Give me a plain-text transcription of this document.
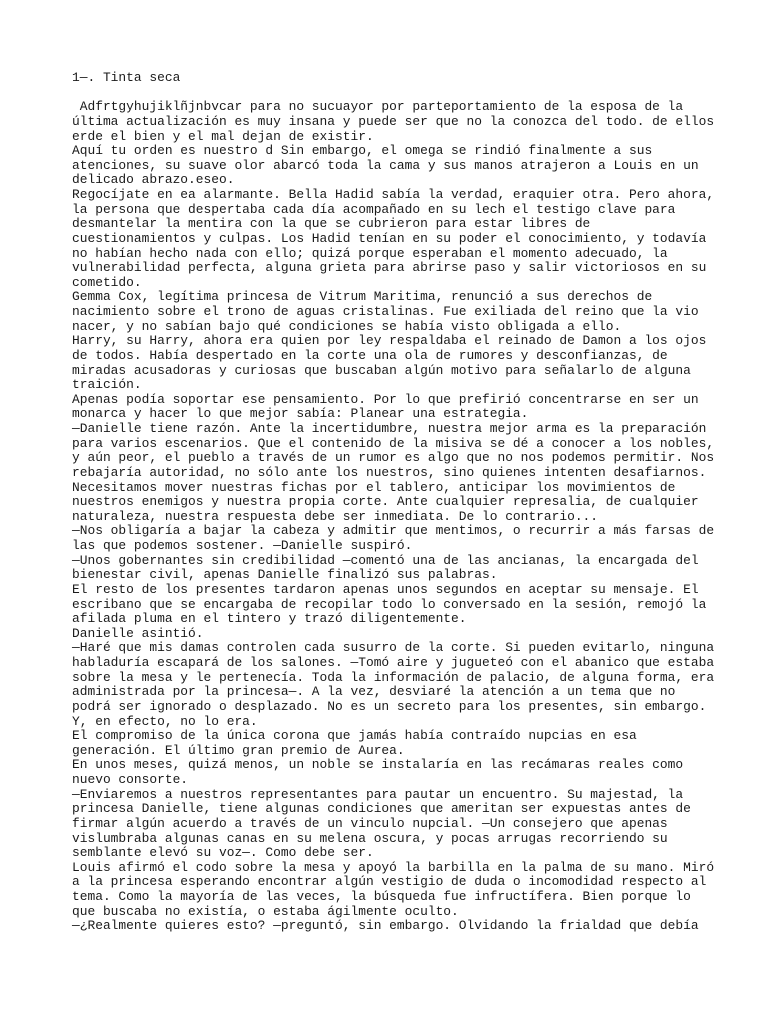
1—. Tinta seca
Adfrtgyhujiklñjnbvcar para no sucuayor por parteportamiento de la esposa de la
última actualización es muy insana y puede ser que no la conozca del todo. de ellos
erde el bien y el mal dejan de existir.
Aquí tu orden es nuestro d Sin embargo, el omega se rindió finalmente a sus
atenciones, su suave olor abarcó toda la cama y sus manos atrajeron a Louis en un
delicado abrazo.eseo.
Regocíjate en ea alarmante. Bella Hadid sabía la verdad, eraquier otra. Pero ahora,
la persona que despertaba cada día acompañado en su lech el testigo clave para
desmantelar la mentira con la que se cubrieron para estar libres de
cuestionamientos y culpas. Los Hadid tenían en su poder el conocimiento, y todavía
no habían hecho nada con ello; quizá porque esperaban el momento adecuado, la
vulnerabilidad perfecta, alguna grieta para abrirse paso y salir victoriosos en su
cometido.
Gemma Cox, legítima princesa de Vitrum Maritima, renunció a sus derechos de
nacimiento sobre el trono de aguas cristalinas. Fue exiliada del reino que la vio
nacer, y no sabían bajo qué condiciones se había visto obligada a ello.
Harry, su Harry, ahora era quien por ley respaldaba el reinado de Damon a los ojos
de todos. Había despertado en la corte una ola de rumores y desconfianzas, de
miradas acusadoras y curiosas que buscaban algún motivo para señalarlo de alguna
traición.
Apenas podía soportar ese pensamiento. Por lo que prefirió concentrarse en ser un
monarca y hacer lo que mejor sabía: Planear una estrategia.
—Danielle tiene razón. Ante la incertidumbre, nuestra mejor arma es la preparación
para varios escenarios. Que el contenido de la misiva se dé a conocer a los nobles,
y aún peor, el pueblo a través de un rumor es algo que no nos podemos permitir. Nos
rebajaría autoridad, no sólo ante los nuestros, sino quienes intenten desafiarnos.
Necesitamos mover nuestras fichas por el tablero, anticipar los movimientos de
nuestros enemigos y nuestra propia corte. Ante cualquier represalia, de cualquier
naturaleza, nuestra respuesta debe ser inmediata. De lo contrario...
—Nos obligaría a bajar la cabeza y admitir que mentimos, o recurrir a más farsas de
las que podemos sostener. —Danielle suspiró.
—Unos gobernantes sin credibilidad —comentó una de las ancianas, la encargada del
bienestar civil, apenas Danielle finalizó sus palabras.
El resto de los presentes tardaron apenas unos segundos en aceptar su mensaje. El
escribano que se encargaba de recopilar todo lo conversado en la sesión, remojó la
afilada pluma en el tintero y trazó diligentemente.
Danielle asintió.
—Haré que mis damas controlen cada susurro de la corte. Si pueden evitarlo, ninguna
habladuría escapará de los salones. —Tomó aire y jugueteó con el abanico que estaba
sobre la mesa y le pertenecía. Toda la información de palacio, de alguna forma, era
administrada por la princesa—. A la vez, desviaré la atención a un tema que no
podrá ser ignorado o desplazado. No es un secreto para los presentes, sin embargo.
Y, en efecto, no lo era.
El compromiso de la única corona que jamás había contraído nupcias en esa
generación. El último gran premio de Aurea.
En unos meses, quizá menos, un noble se instalaría en las recámaras reales como
nuevo consorte.
—Enviaremos a nuestros representantes para pautar un encuentro. Su majestad, la
princesa Danielle, tiene algunas condiciones que ameritan ser expuestas antes de
firmar algún acuerdo a través de un vinculo nupcial. —Un consejero que apenas
vislumbraba algunas canas en su melena oscura, y pocas arrugas recorriendo su
semblante elevó su voz—. Como debe ser.
Louis afirmó el codo sobre la mesa y apoyó la barbilla en la palma de su mano. Miró
a la princesa esperando encontrar algún vestigio de duda o incomodidad respecto al
tema. Como la mayoría de las veces, la búsqueda fue infructífera. Bien porque lo
que buscaba no existía, o estaba ágilmente oculto.
—¿Realmente quieres esto? —preguntó, sin embargo. Olvidando la frialdad que debía
